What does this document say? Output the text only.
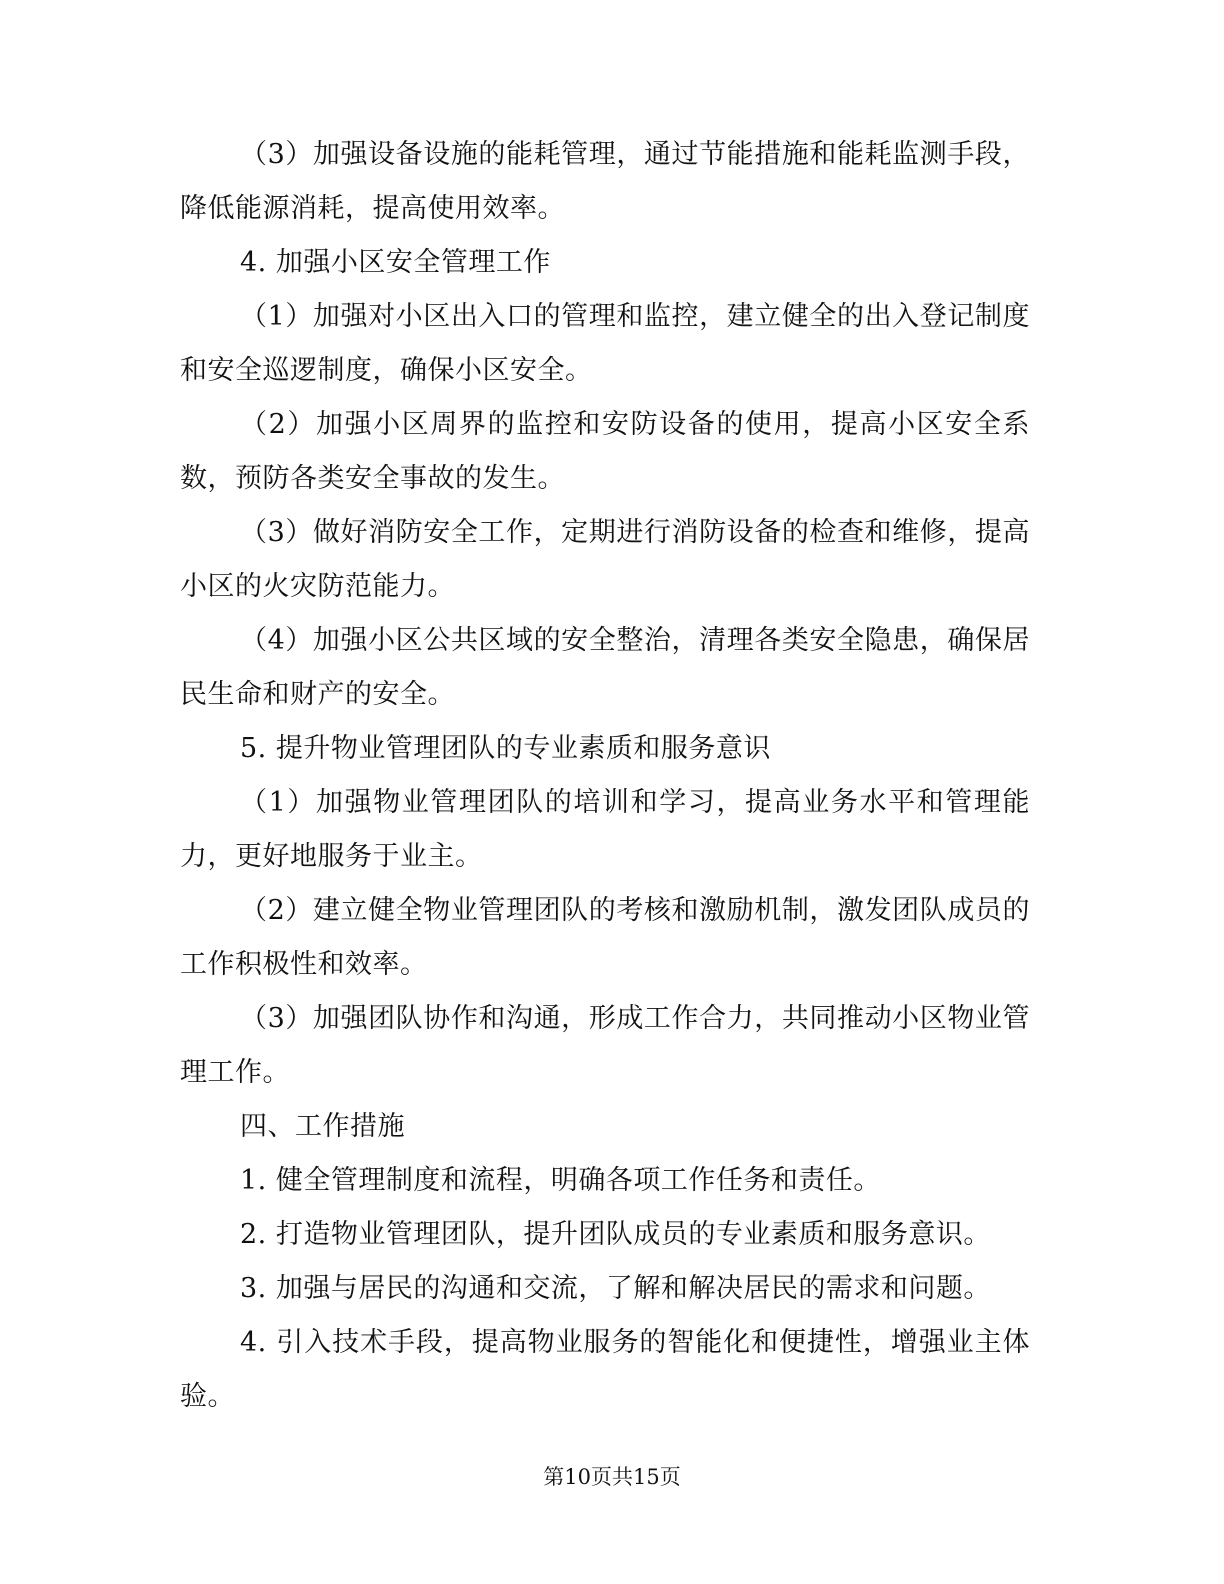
（3）加强设备设施的能耗管理，通过节能措施和能耗监测手段，降低能源消耗，提高使用效率。

4. 加强小区安全管理工作

（1）加强对小区出入口的管理和监控，建立健全的出入登记制度和安全巡逻制度，确保小区安全。

（2）加强小区周界的监控和安防设备的使用，提高小区安全系数，预防各类安全事故的发生。

（3）做好消防安全工作，定期进行消防设备的检查和维修，提高小区的火灾防范能力。

（4）加强小区公共区域的安全整治，清理各类安全隐患，确保居民生命和财产的安全。

5. 提升物业管理团队的专业素质和服务意识

（1）加强物业管理团队的培训和学习，提高业务水平和管理能力，更好地服务于业主。

（2）建立健全物业管理团队的考核和激励机制，激发团队成员的工作积极性和效率。

（3）加强团队协作和沟通，形成工作合力，共同推动小区物业管理工作。

四、工作措施

1. 健全管理制度和流程，明确各项工作任务和责任。

2. 打造物业管理团队，提升团队成员的专业素质和服务意识。

3. 加强与居民的沟通和交流，了解和解决居民的需求和问题。

4. 引入技术手段，提高物业服务的智能化和便捷性，增强业主体验。

第10页共15页
